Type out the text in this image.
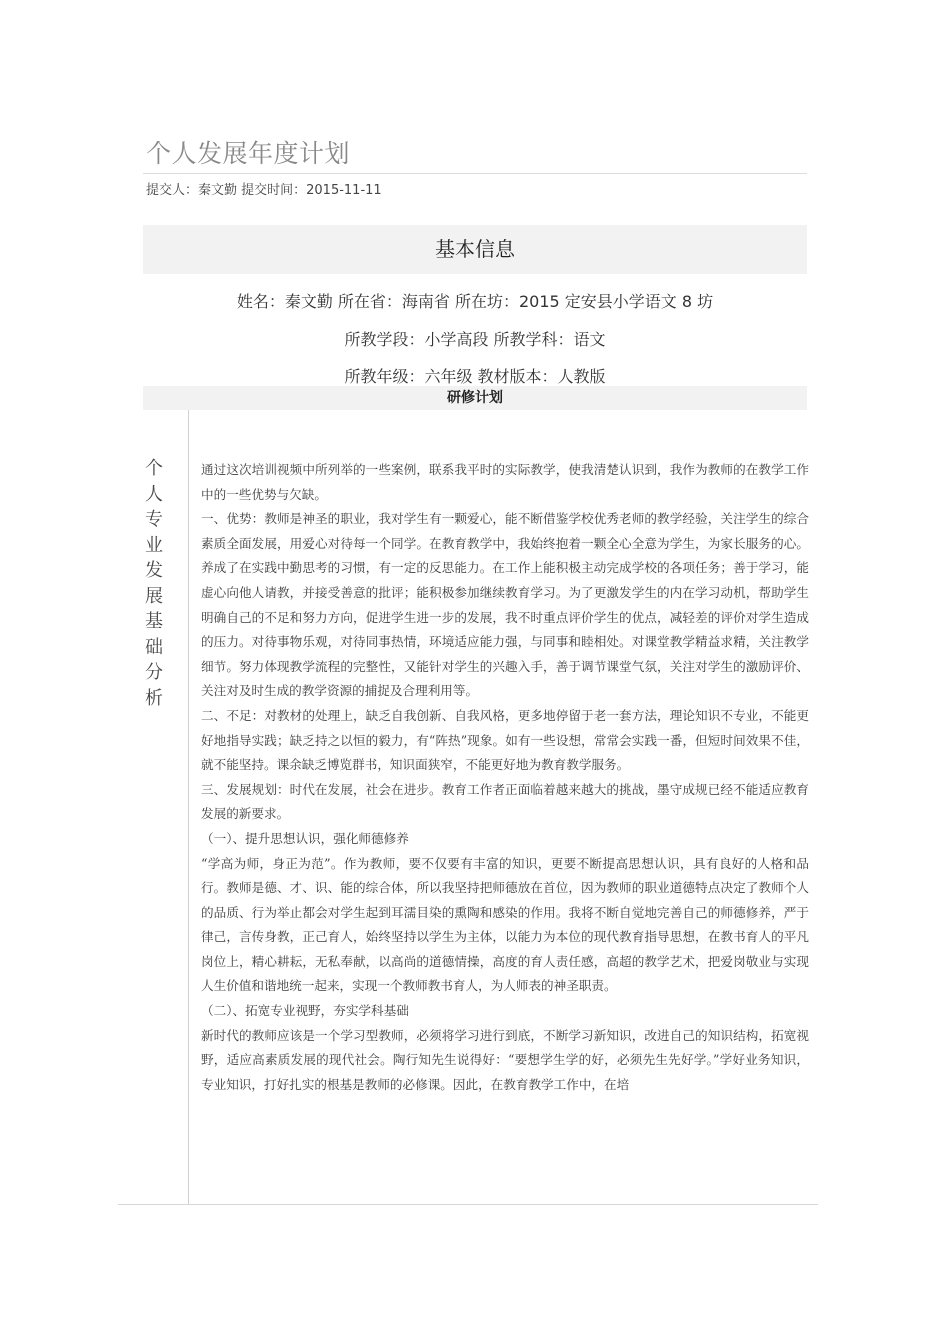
个人发展年度计划
提交人：秦文勤 提交时间：2015-11-11
基本信息
姓名：秦文勤 所在省：海南省 所在坊：2015 定安县小学语文 8 坊
所教学段：小学高段 所教学科：语文
所教年级：六年级 教材版本：人教版
研修计划
个人专业发展基础分析

通过这次培训视频中所列举的一些案例，联系我平时的实际教学，使我清楚认识到，我作为教师的在教学工作中的一些优势与欠缺。

一、优势：教师是神圣的职业，我对学生有一颗爱心，能不断借鉴学校优秀老师的教学经验，关注学生的综合素质全面发展，用爱心对待每一个同学。在教育教学中，我始终抱着一颗全心全意为学生，为家长服务的心。养成了在实践中勤思考的习惯，有一定的反思能力。在工作上能积极主动完成学校的各项任务；善于学习，能虚心向他人请教，并接受善意的批评；能积极参加继续教育学习。为了更激发学生的内在学习动机，帮助学生明确自己的不足和努力方向，促进学生进一步的发展，我不时重点评价学生的优点，减轻差的评价对学生造成的压力。对待事物乐观，对待同事热情，环境适应能力强，与同事和睦相处。对课堂教学精益求精，关注教学细节。努力体现教学流程的完整性，又能针对学生的兴趣入手，善于调节课堂气氛，关注对学生的激励评价、关注对及时生成的教学资源的捕捉及合理利用等。

二、不足：对教材的处理上，缺乏自我创新、自我风格，更多地停留于老一套方法，理论知识不专业，不能更好地指导实践；缺乏持之以恒的毅力，有“阵热”现象。如有一些设想，常常会实践一番，但短时间效果不佳，就不能坚持。课余缺乏博览群书，知识面狭窄，不能更好地为教育教学服务。

三、发展规划：时代在发展，社会在进步。教育工作者正面临着越来越大的挑战，墨守成规已经不能适应教育发展的新要求。

（一）、提升思想认识，强化师德修养

“学高为师，身正为范”。作为教师，要不仅要有丰富的知识，更要不断提高思想认识，具有良好的人格和品行。教师是德、才、识、能的综合体，所以我坚持把师德放在首位，因为教师的职业道德特点决定了教师个人的品质、行为举止都会对学生起到耳濡目染的熏陶和感染的作用。我将不断自觉地完善自己的师德修养，严于律己，言传身教，正己育人，始终坚持以学生为主体，以能力为本位的现代教育指导思想，在教书育人的平凡岗位上，精心耕耘，无私奉献，以高尚的道德情操，高度的育人责任感，高超的教学艺术，把爱岗敬业与实现人生价值和谐地统一起来，实现一个教师教书育人，为人师表的神圣职责。

（二）、拓宽专业视野，夯实学科基础

新时代的教师应该是一个学习型教师，必须将学习进行到底，不断学习新知识，改进自己的知识结构，拓宽视野，适应高素质发展的现代社会。陶行知先生说得好：“要想学生学的好，必须先生先好学。”学好业务知识，专业知识，打好扎实的根基是教师的必修课。因此，在教育教学工作中，在培
